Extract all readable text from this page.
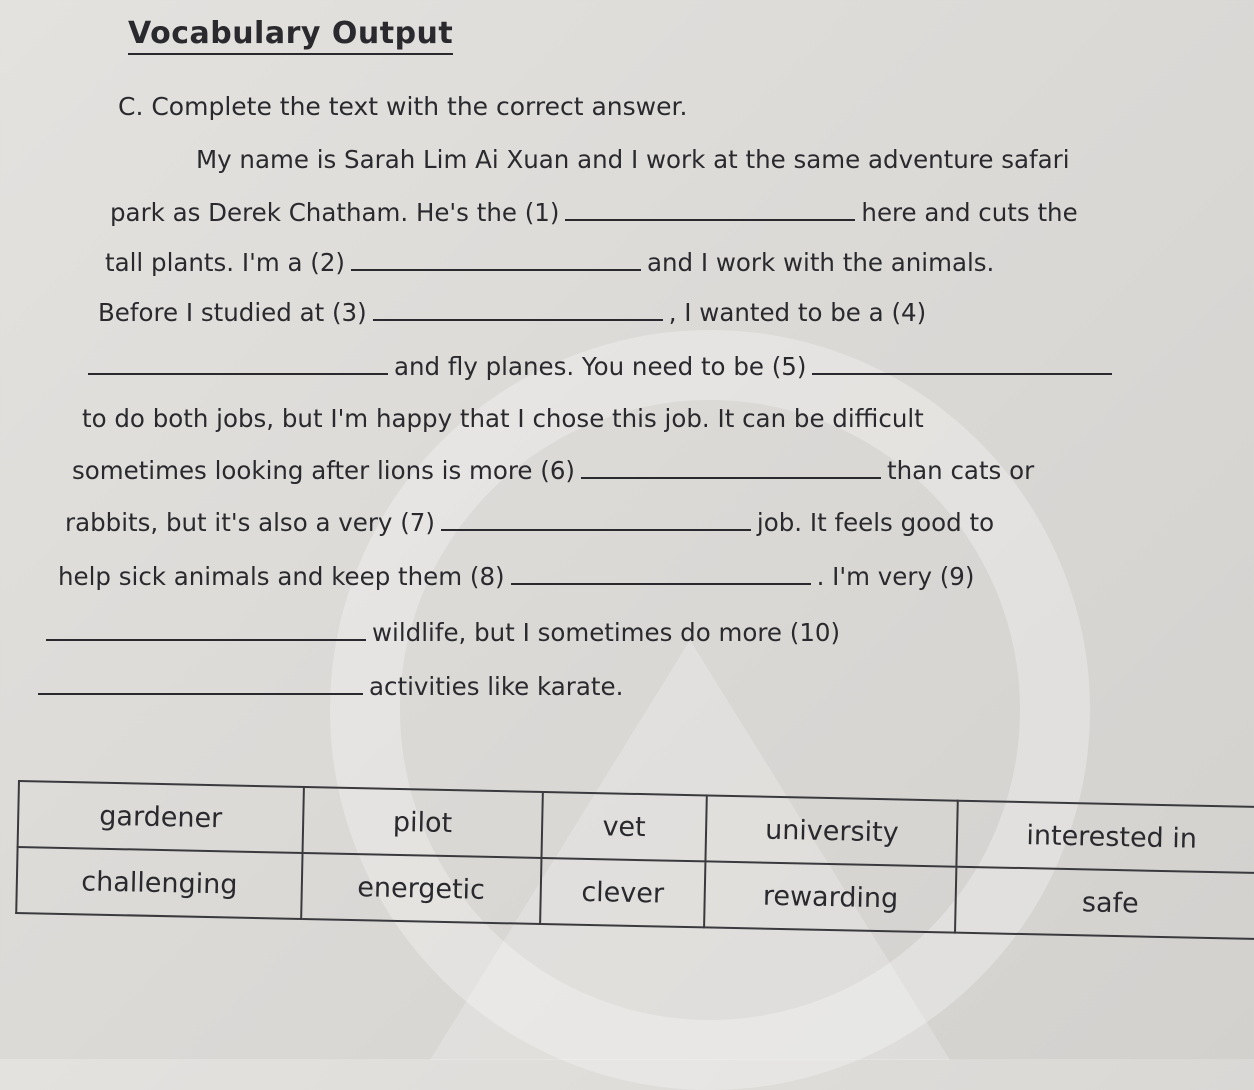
Vocabulary Output
C. Complete the text with the correct answer.
My name is Sarah Lim Ai Xuan and I work at the same adventure safari
park as Derek Chatham. He's the (1)	here and cuts the
tall plants. I'm a (2)	and I work with the animals.
Before I studied at (3)	, I wanted to be a (4)
and fly planes. You need to be (5)
to do both jobs, but I'm happy that I chose this job. It can be difficult
sometimes looking after lions is more (6)	than cats or
rabbits, but it's also a very (7)	job. It feels good to
help sick animals and keep them (8)	. I'm very (9)
wildlife, but I sometimes do more (10)
activities like karate.
gardener	pilot	vet	university	interested in
challenging	energetic	clever	rewarding	safe
